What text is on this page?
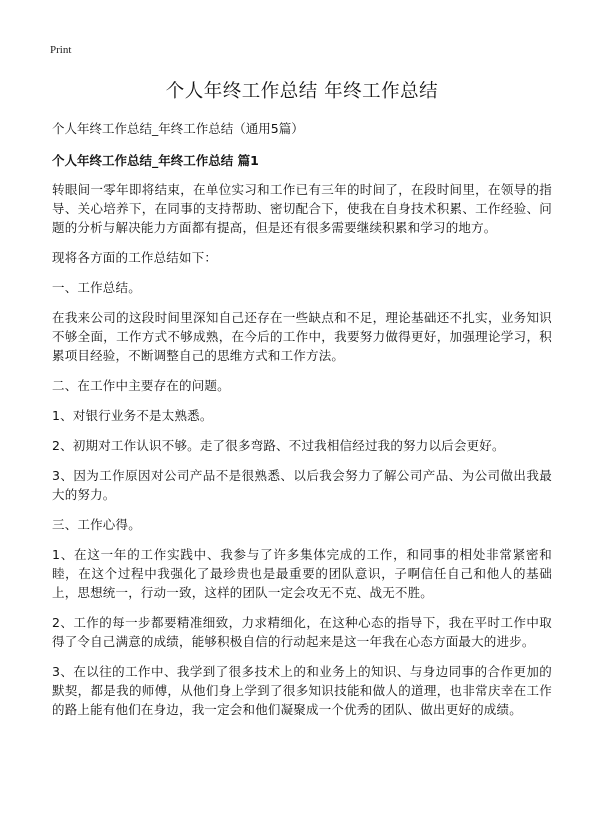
Print
个人年终工作总结 年终工作总结

个人年终工作总结_年终工作总结（通用5篇）

个人年终工作总结_年终工作总结 篇1

转眼间一零年即将结束，在单位实习和工作已有三年的时间了，在段时间里，在领导的指导、关心培养下，在同事的支持帮助、密切配合下，使我在自身技术积累、工作经验、问题的分析与解决能力方面都有提高，但是还有很多需要继续积累和学习的地方。

现将各方面的工作总结如下：

一、工作总结。

在我来公司的这段时间里深知自己还存在一些缺点和不足，理论基础还不扎实，业务知识不够全面，工作方式不够成熟，在今后的工作中，我要努力做得更好，加强理论学习，积累项目经验，不断调整自己的思维方式和工作方法。

二、在工作中主要存在的问题。

1、对银行业务不是太熟悉。

2、初期对工作认识不够。走了很多弯路、不过我相信经过我的努力以后会更好。

3、因为工作原因对公司产品不是很熟悉、以后我会努力了解公司产品、为公司做出我最大的努力。

三、工作心得。

1、在这一年的工作实践中、我参与了许多集体完成的工作，和同事的相处非常紧密和睦，在这个过程中我强化了最珍贵也是最重要的团队意识，子啊信任自己和他人的基础上，思想统一，行动一致，这样的团队一定会攻无不克、战无不胜。

2、工作的每一步都要精准细致，力求精细化，在这种心态的指导下，我在平时工作中取得了令自己满意的成绩，能够积极自信的行动起来是这一年我在心态方面最大的进步。

3、在以往的工作中、我学到了很多技术上的和业务上的知识、与身边同事的合作更加的默契，都是我的师傅，从他们身上学到了很多知识技能和做人的道理，也非常庆幸在工作的路上能有他们在身边，我一定会和他们凝聚成一个优秀的团队、做出更好的成绩。
